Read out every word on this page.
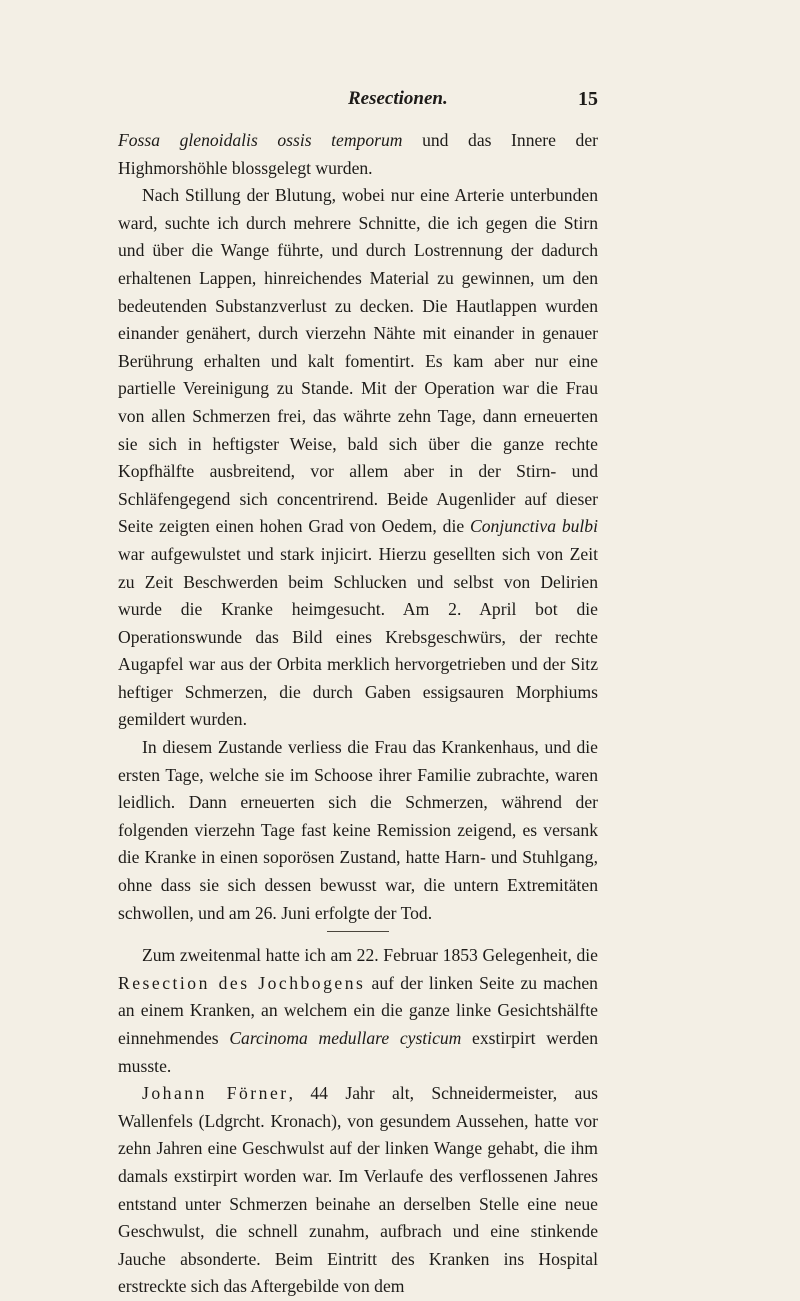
Resectionen.	15

Fossa glenoidalis ossis temporum und das Innere der Highmorshöhle blossgelegt wurden.

Nach Stillung der Blutung, wobei nur eine Arterie unterbunden ward, suchte ich durch mehrere Schnitte, die ich gegen die Stirn und über die Wange führte, und durch Lostrennung der dadurch erhaltenen Lappen, hinreichendes Material zu gewinnen, um den bedeutenden Substanzverlust zu decken. Die Hautlappen wurden einander genähert, durch vierzehn Nähte mit einander in genauer Berührung erhalten und kalt fomentirt. Es kam aber nur eine partielle Vereinigung zu Stande. Mit der Operation war die Frau von allen Schmerzen frei, das währte zehn Tage, dann erneuerten sie sich in heftigster Weise, bald sich über die ganze rechte Kopfhälfte ausbreitend, vor allem aber in der Stirn- und Schläfengegend sich concentrirend. Beide Augenlider auf dieser Seite zeigten einen hohen Grad von Oedem, die Conjunctiva bulbi war aufgewulstet und stark injicirt. Hierzu gesellten sich von Zeit zu Zeit Beschwerden beim Schlucken und selbst von Delirien wurde die Kranke heimgesucht. Am 2. April bot die Operationswunde das Bild eines Krebsgeschwürs, der rechte Augapfel war aus der Orbita merklich hervorgetrieben und der Sitz heftiger Schmerzen, die durch Gaben essigsauren Morphiums gemildert wurden.

In diesem Zustande verliess die Frau das Krankenhaus, und die ersten Tage, welche sie im Schoose ihrer Familie zubrachte, waren leidlich. Dann erneuerten sich die Schmerzen, während der folgenden vierzehn Tage fast keine Remission zeigend, es versank die Kranke in einen soporösen Zustand, hatte Harn- und Stuhlgang, ohne dass sie sich dessen bewusst war, die untern Extremitäten schwollen, und am 26. Juni erfolgte der Tod.

Zum zweitenmal hatte ich am 22. Februar 1853 Gelegenheit, die Resection des Jochbogens auf der linken Seite zu machen an einem Kranken, an welchem ein die ganze linke Gesichtshälfte einnehmendes Carcinoma medullare cysticum exstirpirt werden musste.

Johann Förner, 44 Jahr alt, Schneidermeister, aus Wallenfels (Ldgrcht. Kronach), von gesundem Aussehen, hatte vor zehn Jahren eine Geschwulst auf der linken Wange gehabt, die ihm damals exstirpirt worden war. Im Verlaufe des verflossenen Jahres entstand unter Schmerzen beinahe an derselben Stelle eine neue Geschwulst, die schnell zunahm, aufbrach und eine stinkende Jauche absonderte. Beim Eintritt des Kranken ins Hospital erstreckte sich das Aftergebilde von dem
